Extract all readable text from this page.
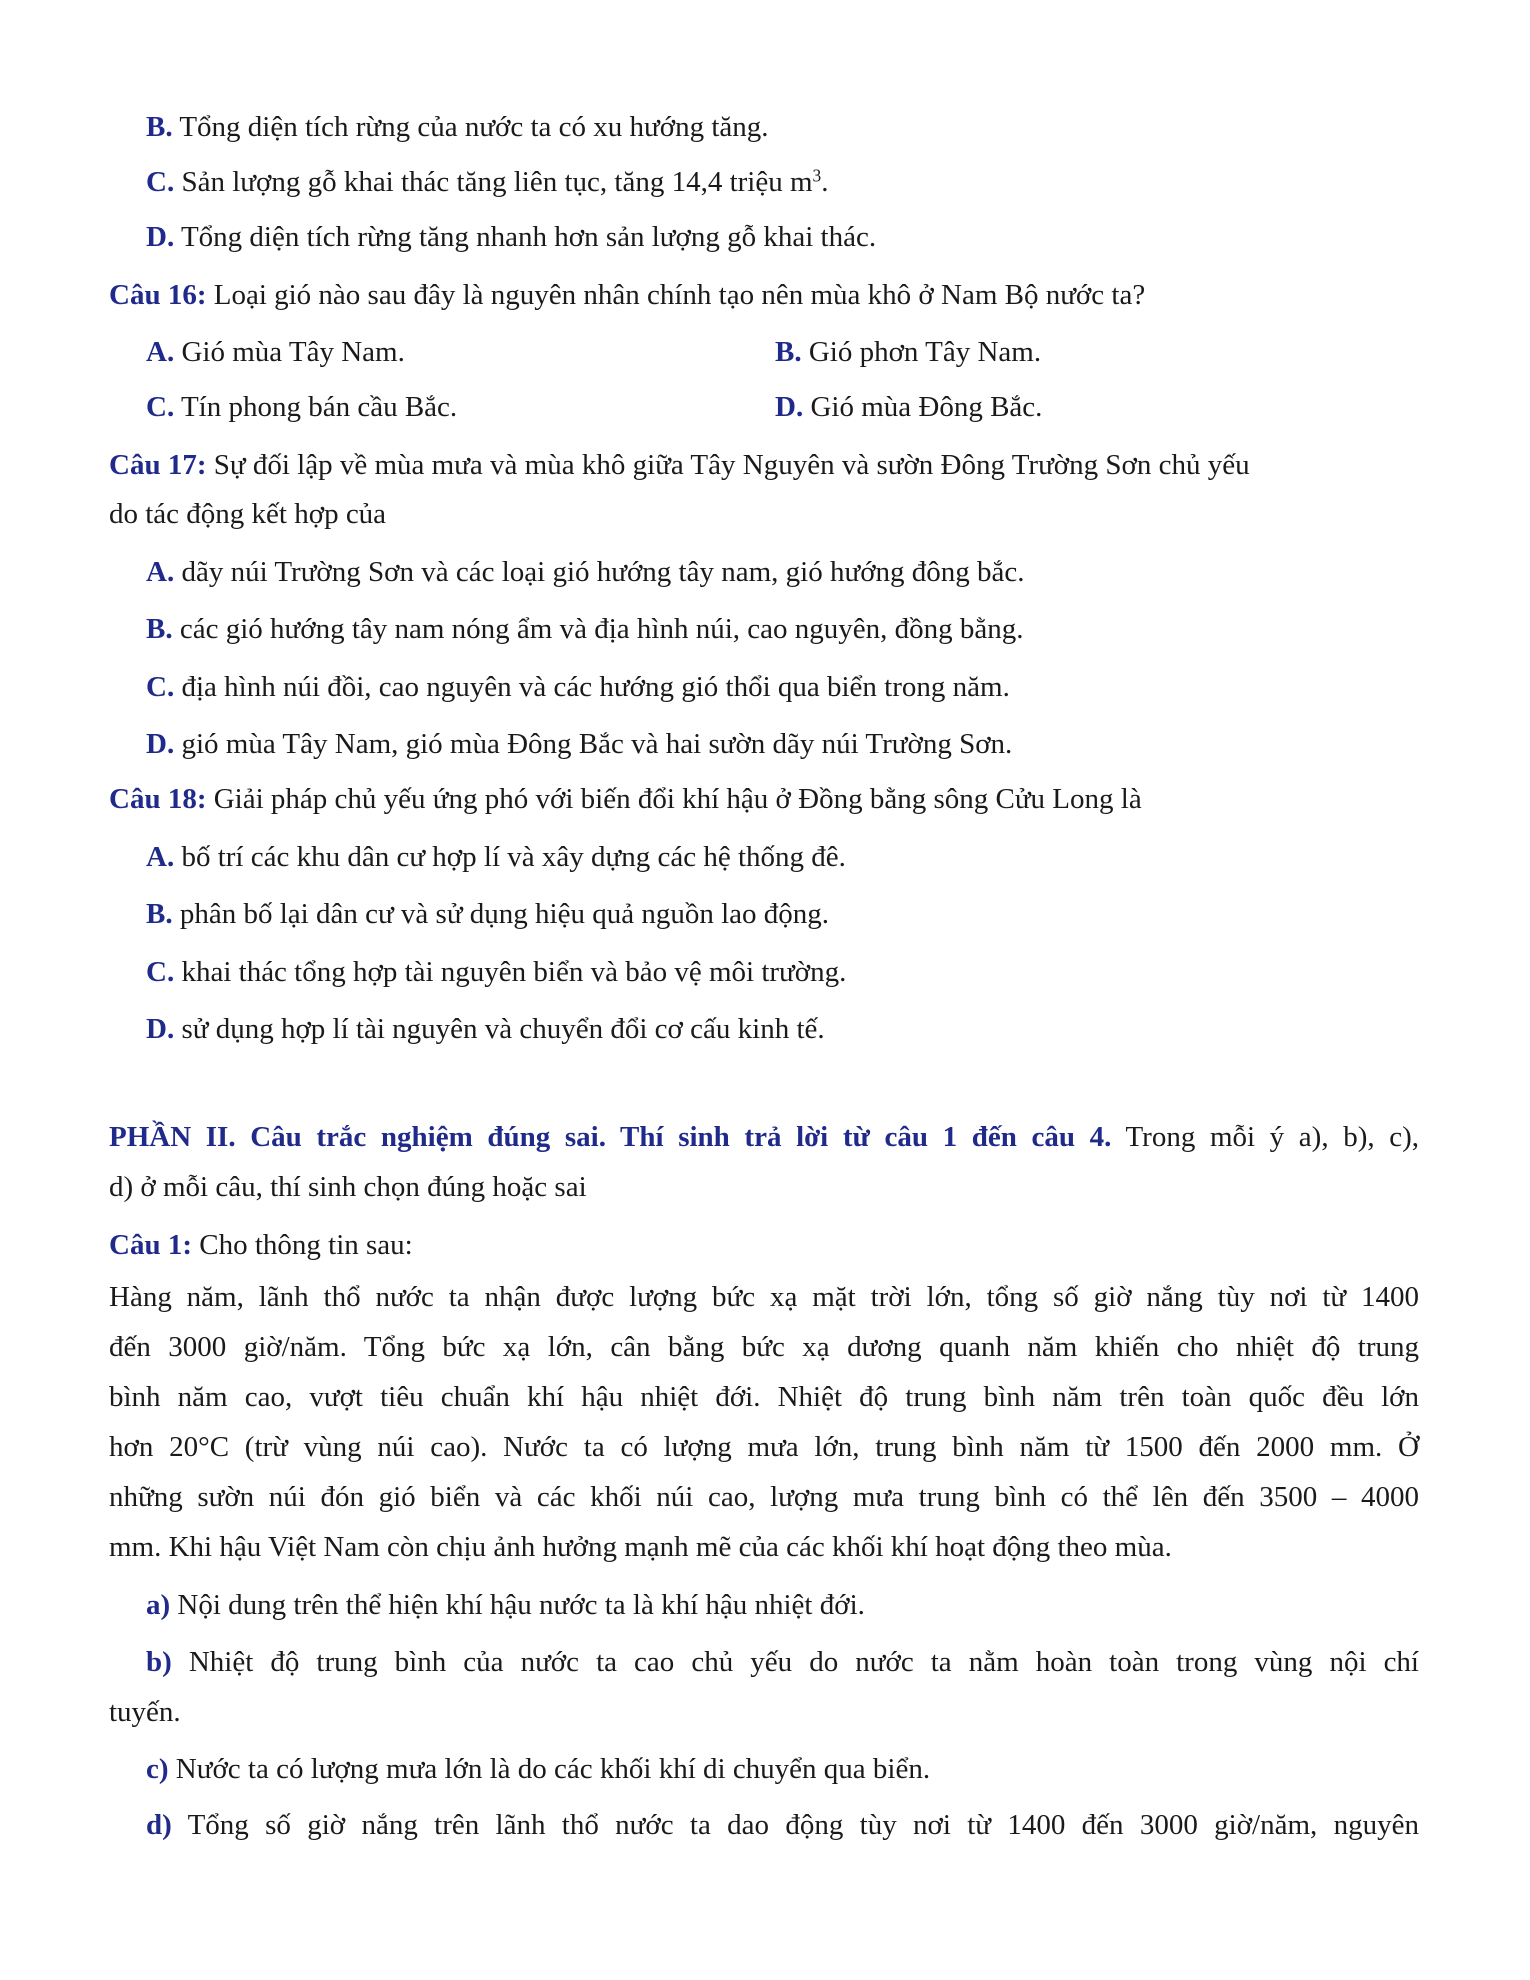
B. Tổng diện tích rừng của nước ta có xu hướng tăng.
C. Sản lượng gỗ khai thác tăng liên tục, tăng 14,4 triệu $m^3$.
D. Tổng diện tích rừng tăng nhanh hơn sản lượng gỗ khai thác.
Câu 16: Loại gió nào sau đây là nguyên nhân chính tạo nên mùa khô ở Nam Bộ nước ta?
A. Gió mùa Tây Nam.	B. Gió phơn Tây Nam.
C. Tín phong bán cầu Bắc.	D. Gió mùa Đông Bắc.
Câu 17: Sự đối lập về mùa mưa và mùa khô giữa Tây Nguyên và sườn Đông Trường Sơn chủ yếu
do tác động kết hợp của
A. dãy núi Trường Sơn và các loại gió hướng tây nam, gió hướng đông bắc.
B. các gió hướng tây nam nóng ẩm và địa hình núi, cao nguyên, đồng bằng.
C. địa hình núi đồi, cao nguyên và các hướng gió thổi qua biển trong năm.
D. gió mùa Tây Nam, gió mùa Đông Bắc và hai sườn dãy núi Trường Sơn.
Câu 18: Giải pháp chủ yếu ứng phó với biến đổi khí hậu ở Đồng bằng sông Cửu Long là
A. bố trí các khu dân cư hợp lí và xây dựng các hệ thống đê.
B. phân bố lại dân cư và sử dụng hiệu quả nguồn lao động.
C. khai thác tổng hợp tài nguyên biển và bảo vệ môi trường.
D. sử dụng hợp lí tài nguyên và chuyển đổi cơ cấu kinh tế.
PHẦN II. Câu trắc nghiệm đúng sai. Thí sinh trả lời từ câu 1 đến câu 4. Trong mỗi ý a), b), c),
d) ở mỗi câu, thí sinh chọn đúng hoặc sai
Câu 1: Cho thông tin sau:
Hàng năm, lãnh thổ nước ta nhận được lượng bức xạ mặt trời lớn, tổng số giờ nắng tùy nơi từ 1400
đến 3000 giờ/năm. Tổng bức xạ lớn, cân bằng bức xạ dương quanh năm khiến cho nhiệt độ trung
bình năm cao, vượt tiêu chuẩn khí hậu nhiệt đới. Nhiệt độ trung bình năm trên toàn quốc đều lớn
hơn 20°C (trừ vùng núi cao). Nước ta có lượng mưa lớn, trung bình năm từ 1500 đến 2000 mm. Ở
những sườn núi đón gió biển và các khối núi cao, lượng mưa trung bình có thể lên đến 3500 – 4000
mm. Khi hậu Việt Nam còn chịu ảnh hưởng mạnh mẽ của các khối khí hoạt động theo mùa.
a) Nội dung trên thể hiện khí hậu nước ta là khí hậu nhiệt đới.
b) Nhiệt độ trung bình của nước ta cao chủ yếu do nước ta nằm hoàn toàn trong vùng nội chí
tuyến.
c) Nước ta có lượng mưa lớn là do các khối khí di chuyển qua biển.
d) Tổng số giờ nắng trên lãnh thổ nước ta dao động tùy nơi từ 1400 đến 3000 giờ/năm, nguyên
